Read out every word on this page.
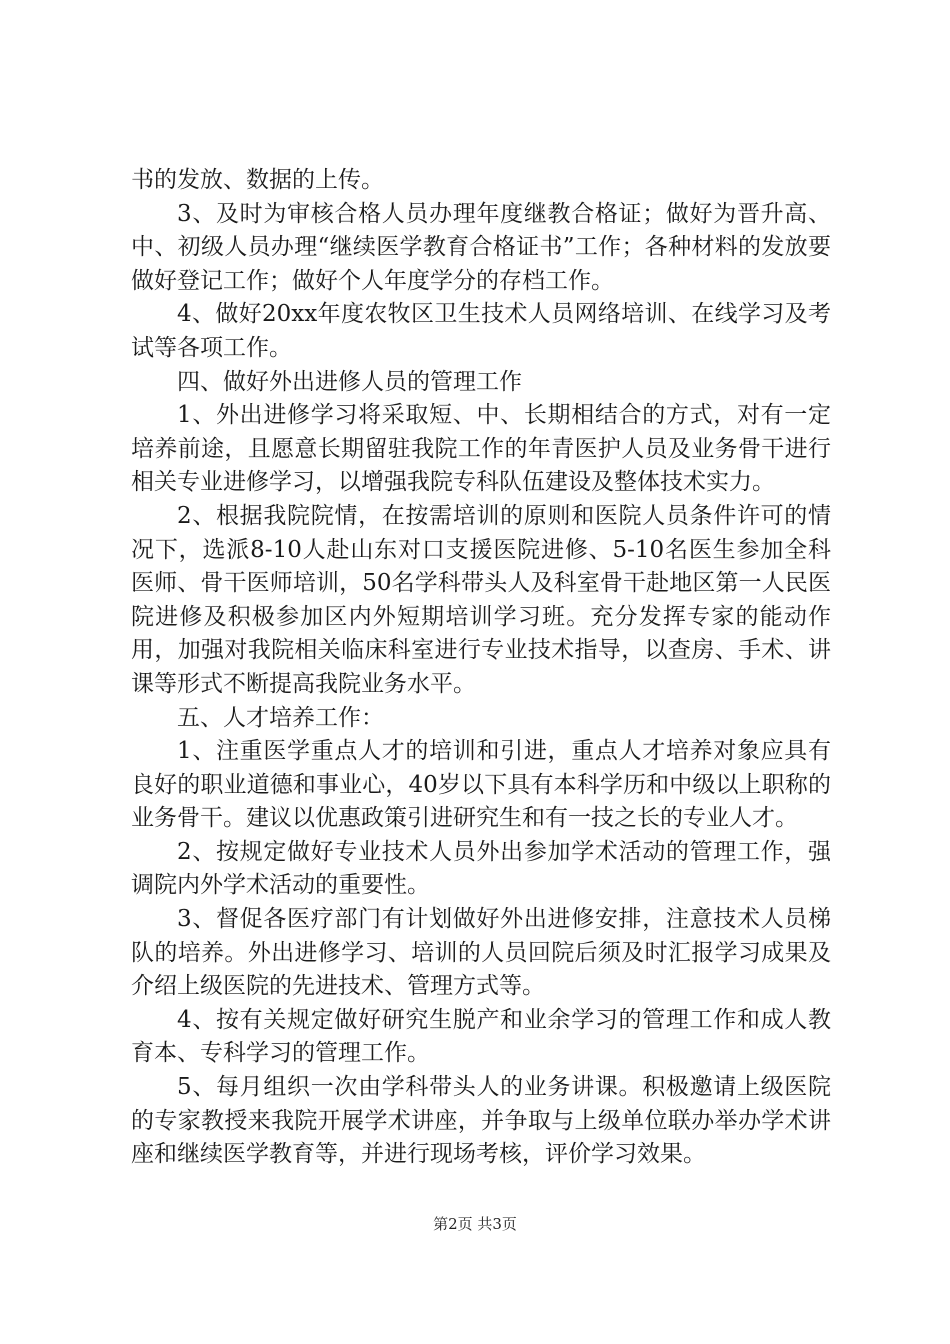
书的发放、数据的上传。

3、及时为审核合格人员办理年度继教合格证；做好为晋升高、中、初级人员办理“继续医学教育合格证书”工作；各种材料的发放要做好登记工作；做好个人年度学分的存档工作。

4、做好20xx年度农牧区卫生技术人员网络培训、在线学习及考试等各项工作。

四、做好外出进修人员的管理工作

1、外出进修学习将采取短、中、长期相结合的方式，对有一定培养前途，且愿意长期留驻我院工作的年青医护人员及业务骨干进行相关专业进修学习，以增强我院专科队伍建设及整体技术实力。

2、根据我院院情，在按需培训的原则和医院人员条件许可的情况下，选派8-10人赴山东对口支援医院进修、5-10名医生参加全科医师、骨干医师培训，50名学科带头人及科室骨干赴地区第一人民医院进修及积极参加区内外短期培训学习班。充分发挥专家的能动作用，加强对我院相关临床科室进行专业技术指导，以查房、手术、讲课等形式不断提高我院业务水平。

五、人才培养工作：

1、注重医学重点人才的培训和引进，重点人才培养对象应具有良好的职业道德和事业心，40岁以下具有本科学历和中级以上职称的业务骨干。建议以优惠政策引进研究生和有一技之长的专业人才。

2、按规定做好专业技术人员外出参加学术活动的管理工作，强调院内外学术活动的重要性。

3、督促各医疗部门有计划做好外出进修安排，注意技术人员梯队的培养。外出进修学习、培训的人员回院后须及时汇报学习成果及介绍上级医院的先进技术、管理方式等。

4、按有关规定做好研究生脱产和业余学习的管理工作和成人教育本、专科学习的管理工作。

5、每月组织一次由学科带头人的业务讲课。积极邀请上级医院的专家教授来我院开展学术讲座，并争取与上级单位联办举办学术讲座和继续医学教育等，并进行现场考核，评价学习效果。

第2页 共3页
